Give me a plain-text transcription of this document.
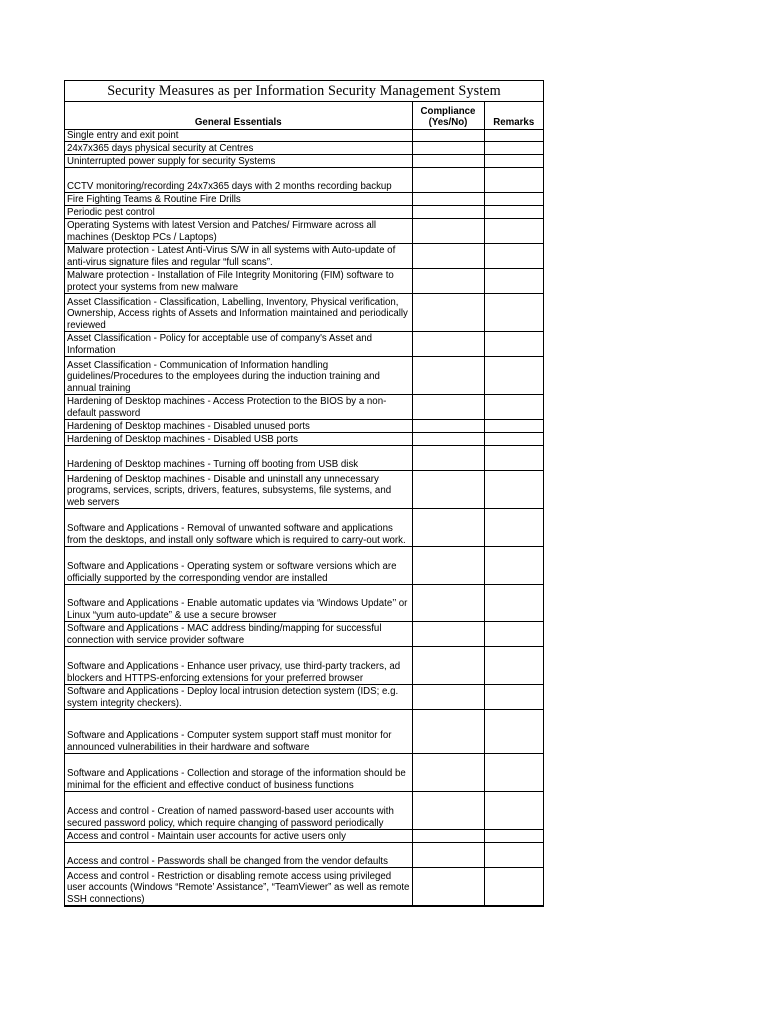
Security Measures as per Information Security Management System
General Essentials	Compliance (Yes/No)	Remarks
Single entry and exit point		
24x7x365 days physical security at Centres		
Uninterrupted power supply for security Systems		
CCTV monitoring/recording 24x7x365 days with 2 months recording backup		
Fire Fighting Teams & Routine Fire Drills		
Periodic pest control		
Operating Systems with latest Version and Patches/ Firmware across all machines (Desktop PCs / Laptops)		
Malware protection - Latest Anti-Virus S/W in all systems with Auto-update of anti-virus signature files and regular “full scans”.		
Malware protection - Installation of File Integrity Monitoring (FIM) software to protect your systems from new malware		
Asset Classification - Classification, Labelling, Inventory, Physical verification, Ownership, Access rights of Assets and Information maintained and periodically reviewed		
Asset Classification - Policy for acceptable use of company's Asset and Information		
Asset Classification - Communication of Information handling guidelines/Procedures to the employees during the induction training and annual training		
Hardening of Desktop machines - Access Protection to the BIOS by a non-default password		
Hardening of Desktop machines - Disabled unused ports		
Hardening of Desktop machines - Disabled USB ports		
Hardening of Desktop machines - Turning off booting from USB disk		
Hardening of Desktop machines - Disable and uninstall any unnecessary programs, services, scripts, drivers, features, subsystems, file systems, and web servers		
Software and Applications - Removal of unwanted software and applications from the desktops, and install only software which is required to carry-out work.		
Software and Applications - Operating system or software versions which are officially supported by the corresponding vendor are installed		
Software and Applications - Enable automatic updates via ‘Windows Update’’ or Linux “yum auto-update” & use a secure browser		
Software and Applications - MAC address binding/mapping for successful connection with service provider software		
Software and Applications - Enhance user privacy, use third-party trackers, ad blockers and HTTPS-enforcing extensions for your preferred browser		
Software and Applications - Deploy local intrusion detection system (IDS; e.g. system integrity checkers).		
Software and Applications - Computer system support staff must monitor for announced vulnerabilities in their hardware and software		
Software and Applications - Collection and storage of the information should be minimal for the efficient and effective conduct of business functions		
Access and control - Creation of named password-based user accounts with secured password policy, which require changing of password periodically		
Access and control - Maintain user accounts for active users only		
Access and control - Passwords shall be changed from the vendor defaults		
Access and control - Restriction or disabling remote access using privileged user accounts (Windows “Remote’ Assistance”, “TeamViewer” as well as remote SSH connections)		
